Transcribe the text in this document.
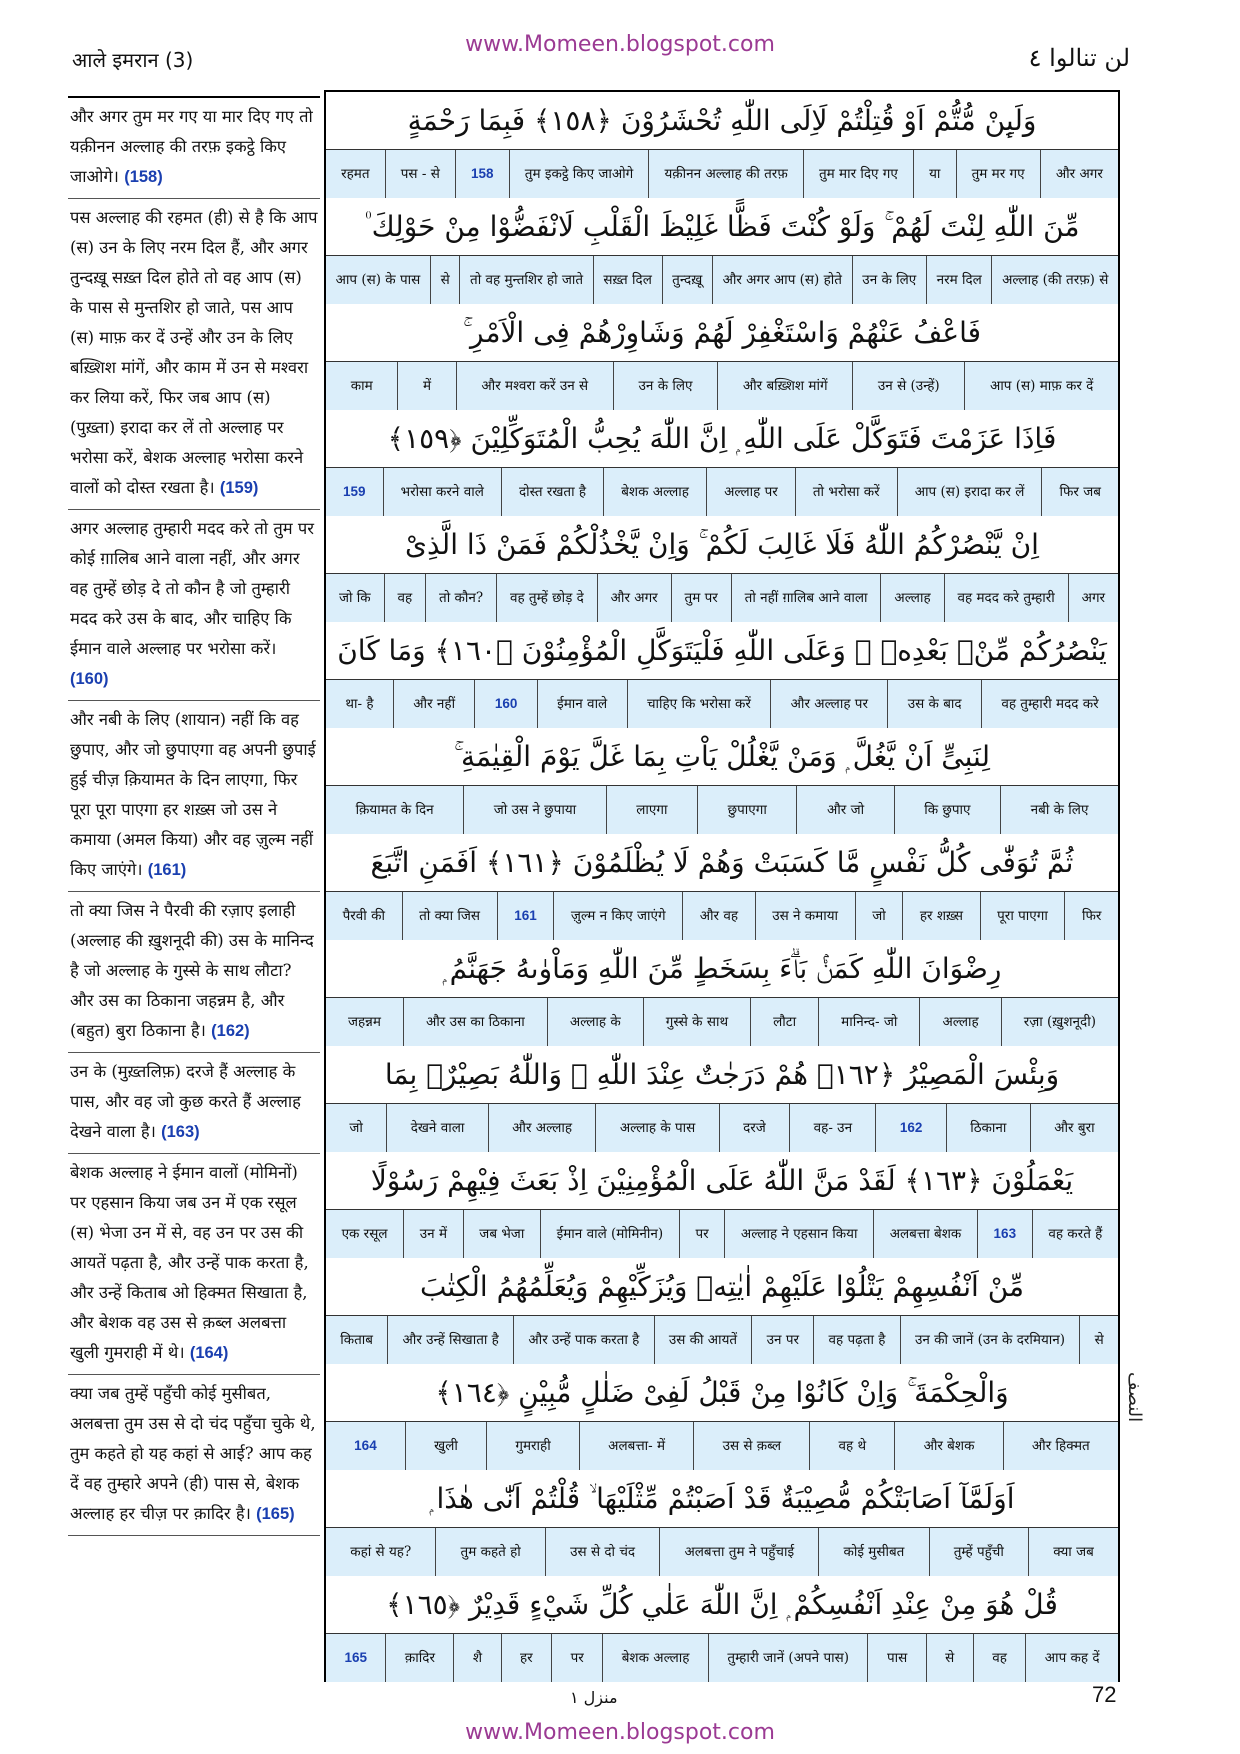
आले इमरान (3)
www.Momeen.blogspot.com	لن تنالوا ٤
और अगर तुम मर गए या मार दिए गए तो यक़ीनन अल्लाह की तरफ़ इकट्ठे किए जाओगे। (158)
पस अल्लाह की रहमत (ही) से है कि आप (स) उन के लिए नरम दिल हैं, और अगर तुन्दख़ू सख़्त दिल होते तो वह आप (स) के पास से मुन्तशिर हो जाते, पस आप (स) माफ़ कर दें उन्हें और उन के लिए बख़्शिश मांगें, और काम में उन से मश्वरा कर लिया करें, फिर जब आप (स) (पुख़्ता) इरादा कर लें तो अल्लाह पर भरोसा करें, बेशक अल्लाह भरोसा करने वालों को दोस्त रखता है। (159)
अगर अल्लाह तुम्हारी मदद करे तो तुम पर कोई ग़ालिब आने वाला नहीं, और अगर वह तुम्हें छोड़ दे तो कौन है जो तुम्हारी मदद करे उस के बाद, और चाहिए कि ईमान वाले अल्लाह पर भरोसा करें। (160)
और नबी के लिए (शायान) नहीं कि वह छुपाए, और जो छुपाएगा वह अपनी छुपाई हुई चीज़ क़ियामत के दिन लाएगा, फिर पूरा पूरा पाएगा हर शख़्स जो उस ने कमाया (अमल किया) और वह ज़ुल्म नहीं किए जाएंगे। (161)
तो क्या जिस ने पैरवी की रज़ाए इलाही (अल्लाह की ख़ुशनूदी की) उस के मानिन्द है जो अल्लाह के गुस्से के साथ लौटा? और उस का ठिकाना जहन्नम है, और (बहुत) बुरा ठिकाना है। (162)
उन के (मुख़्तलिफ़) दरजे हैं अल्लाह के पास, और वह जो कुछ करते हैं अल्लाह देखने वाला है। (163)
बेशक अल्लाह ने ईमान वालों (मोमिनों) पर एहसान किया जब उन में एक रसूल (स) भेजा उन में से, वह उन पर उस की आयतें पढ़ता है, और उन्हें पाक करता है, और उन्हें किताब ओ हिक्मत सिखाता है, और बेशक वह उस से क़ब्ल अलबत्ता खुली गुमराही में थे। (164)
क्या जब तुम्हें पहुँची कोई मुसीबत, अलबत्ता तुम उस से दो चंद पहुँचा चुके थे, तुम कहते हो यह कहां से आई? आप कह दें वह तुम्हारे अपने (ही) पास से, बेशक अल्लाह हर चीज़ पर क़ादिर है। (165)
وَلَىِٕنْ مُّتُّمْ اَوْ قُتِلْتُمْ لَاِلَى اللّٰهِ تُحْشَرُوْنَ ﴿١٥٨﴾ فَبِمَا رَحْمَةٍ
और अगर
तुम मर गए
या
तुम मार दिए गए
यक़ीनन अल्लाह की तरफ़
तुम इकट्ठे किए जाओगे
158
पस - से
रहमत
مِّنَ اللّٰهِ لِنْتَ لَهُمْ ۚ وَلَوْ كُنْتَ فَظًّا غَلِيْظَ الْقَلْبِ لَانْفَضُّوْا مِنْ حَوْلِكَ ۠
अल्लाह (की तरफ़) से
नरम दिल
उन के लिए
और अगर आप (स) होते
तुन्दख़ू
सख़्त दिल
तो वह मुन्तशिर हो जाते
से
आप (स) के पास
فَاعْفُ عَنْهُمْ وَاسْتَغْفِرْ لَهُمْ وَشَاوِرْهُمْ فِى الْاَمْرِ ۚ
आप (स) माफ़ कर दें
उन से (उन्हें)
और बख़्शिश मांगें
उन के लिए
और मश्वरा करें उन से
में
काम
فَاِذَا عَزَمْتَ فَتَوَكَّلْ عَلَى اللّٰهِ ۭ اِنَّ اللّٰهَ يُحِبُّ الْمُتَوَكِّلِيْنَ ﴿١٥٩﴾
फिर जब
आप (स) इरादा कर लें
तो भरोसा करें
अल्लाह पर
बेशक अल्लाह
दोस्त रखता है
भरोसा करने वाले
159
اِنْ يَّنْصُرْكُمُ اللّٰهُ فَلَا غَالِبَ لَكُمْ ۚ وَاِنْ يَّخْذُلْكُمْ فَمَنْ ذَا الَّذِىْ
अगर
वह मदद करे तुम्हारी
अल्लाह
तो नहीं ग़ालिब आने वाला
तुम पर
और अगर
वह तुम्हें छोड़ दे
तो कौन?
वह
जो कि
يَنْصُرُكُمْ مِّنْۢ بَعْدِهٖ ۭ وَعَلَى اللّٰهِ فَلْيَتَوَكَّلِ الْمُؤْمِنُوْنَ ﴿١٦٠﴾ وَمَا كَانَ
वह तुम्हारी मदद करे
उस के बाद
और अल्लाह पर
चाहिए कि भरोसा करें
ईमान वाले
160
और नहीं
था- है
لِنَبِىٍّ اَنْ يَّغُلَّ ۭ وَمَنْ يَّغْلُلْ يَاْتِ بِمَا غَلَّ يَوْمَ الْقِيٰمَةِ ۚ
नबी के लिए
कि छुपाए
और जो
छुपाएगा
लाएगा
जो उस ने छुपाया
क़ियामत के दिन
ثُمَّ تُوَفّٰى كُلُّ نَفْسٍ مَّا كَسَبَتْ وَھُمْ لَا يُظْلَمُوْنَ ﴿١٦١﴾ اَفَمَنِ اتَّبَعَ
फिर
पूरा पाएगा
हर शख़्स
जो
उस ने कमाया
और वह
ज़ुल्म न किए जाएंगे
161
तो क्या जिस
पैरवी की
رِضْوَانَ اللّٰهِ كَمَنْۢ بَاۗءَ بِسَخَطٍ مِّنَ اللّٰهِ وَمَاْوٰىهُ جَهَنَّمُ ۭ
रज़ा (ख़ुशनूदी)
अल्लाह
मानिन्द- जो
लौटा
गुस्से के साथ
अल्लाह के
और उस का ठिकाना
जहन्नम
وَبِئْسَ الْمَصِيْرُ ﴿١٦٢﴾ ھُمْ دَرَجٰتٌ عِنْدَ اللّٰهِ ۭ وَاللّٰهُ بَصِيْرٌۢ بِمَا
और बुरा
ठिकाना
162
वह- उन
दरजे
अल्लाह के पास
और अल्लाह
देखने वाला
जो
يَعْمَلُوْنَ ﴿١٦٣﴾ لَقَدْ مَنَّ اللّٰهُ عَلَى الْمُؤْمِنِيْنَ اِذْ بَعَثَ فِيْهِمْ رَسُوْلًا
वह करते हैं
163
अलबत्ता बेशक
अल्लाह ने एहसान किया
पर
ईमान वाले (मोमिनीन)
जब भेजा
उन में
एक रसूल
مِّنْ اَنْفُسِهِمْ يَتْلُوْا عَلَيْهِمْ اٰيٰتِهٖ وَيُزَكِّيْهِمْ وَيُعَلِّمُهُمُ الْكِتٰبَ
से
उन की जानें (उन के दरमियान)
वह पढ़ता है
उन पर
उस की आयतें
और उन्हें पाक करता है
और उन्हें सिखाता है
किताब
وَالْحِكْمَةَ ۚ وَاِنْ كَانُوْا مِنْ قَبْلُ لَفِىْ ضَلٰلٍ مُّبِيْنٍ ﴿١٦٤﴾
और हिक्मत
और बेशक
वह थे
उस से क़ब्ल
अलबत्ता- में
गुमराही
खुली
164
اَوَلَمَّآ اَصَابَتْكُمْ مُّصِيْبَةٌ قَدْ اَصَبْتُمْ مِّثْلَيْهَا ۙ قُلْتُمْ اَنّٰى هٰذَا ۭ
क्या जब
तुम्हें पहुँची
कोई मुसीबत
अलबत्ता तुम ने पहुँचाई
उस से दो चंद
तुम कहते हो
कहां से यह?
قُلْ ھُوَ مِنْ عِنْدِ اَنْفُسِكُمْ ۭ اِنَّ اللّٰهَ عَلٰي كُلِّ شَيْءٍ قَدِيْرٌ ﴿١٦٥﴾
आप कह दें
वह
से
पास
तुम्हारी जानें (अपने पास)
बेशक अल्लाह
पर
हर
शै
क़ादिर
165
النصف
منزل ١	72
www.Momeen.blogspot.com
